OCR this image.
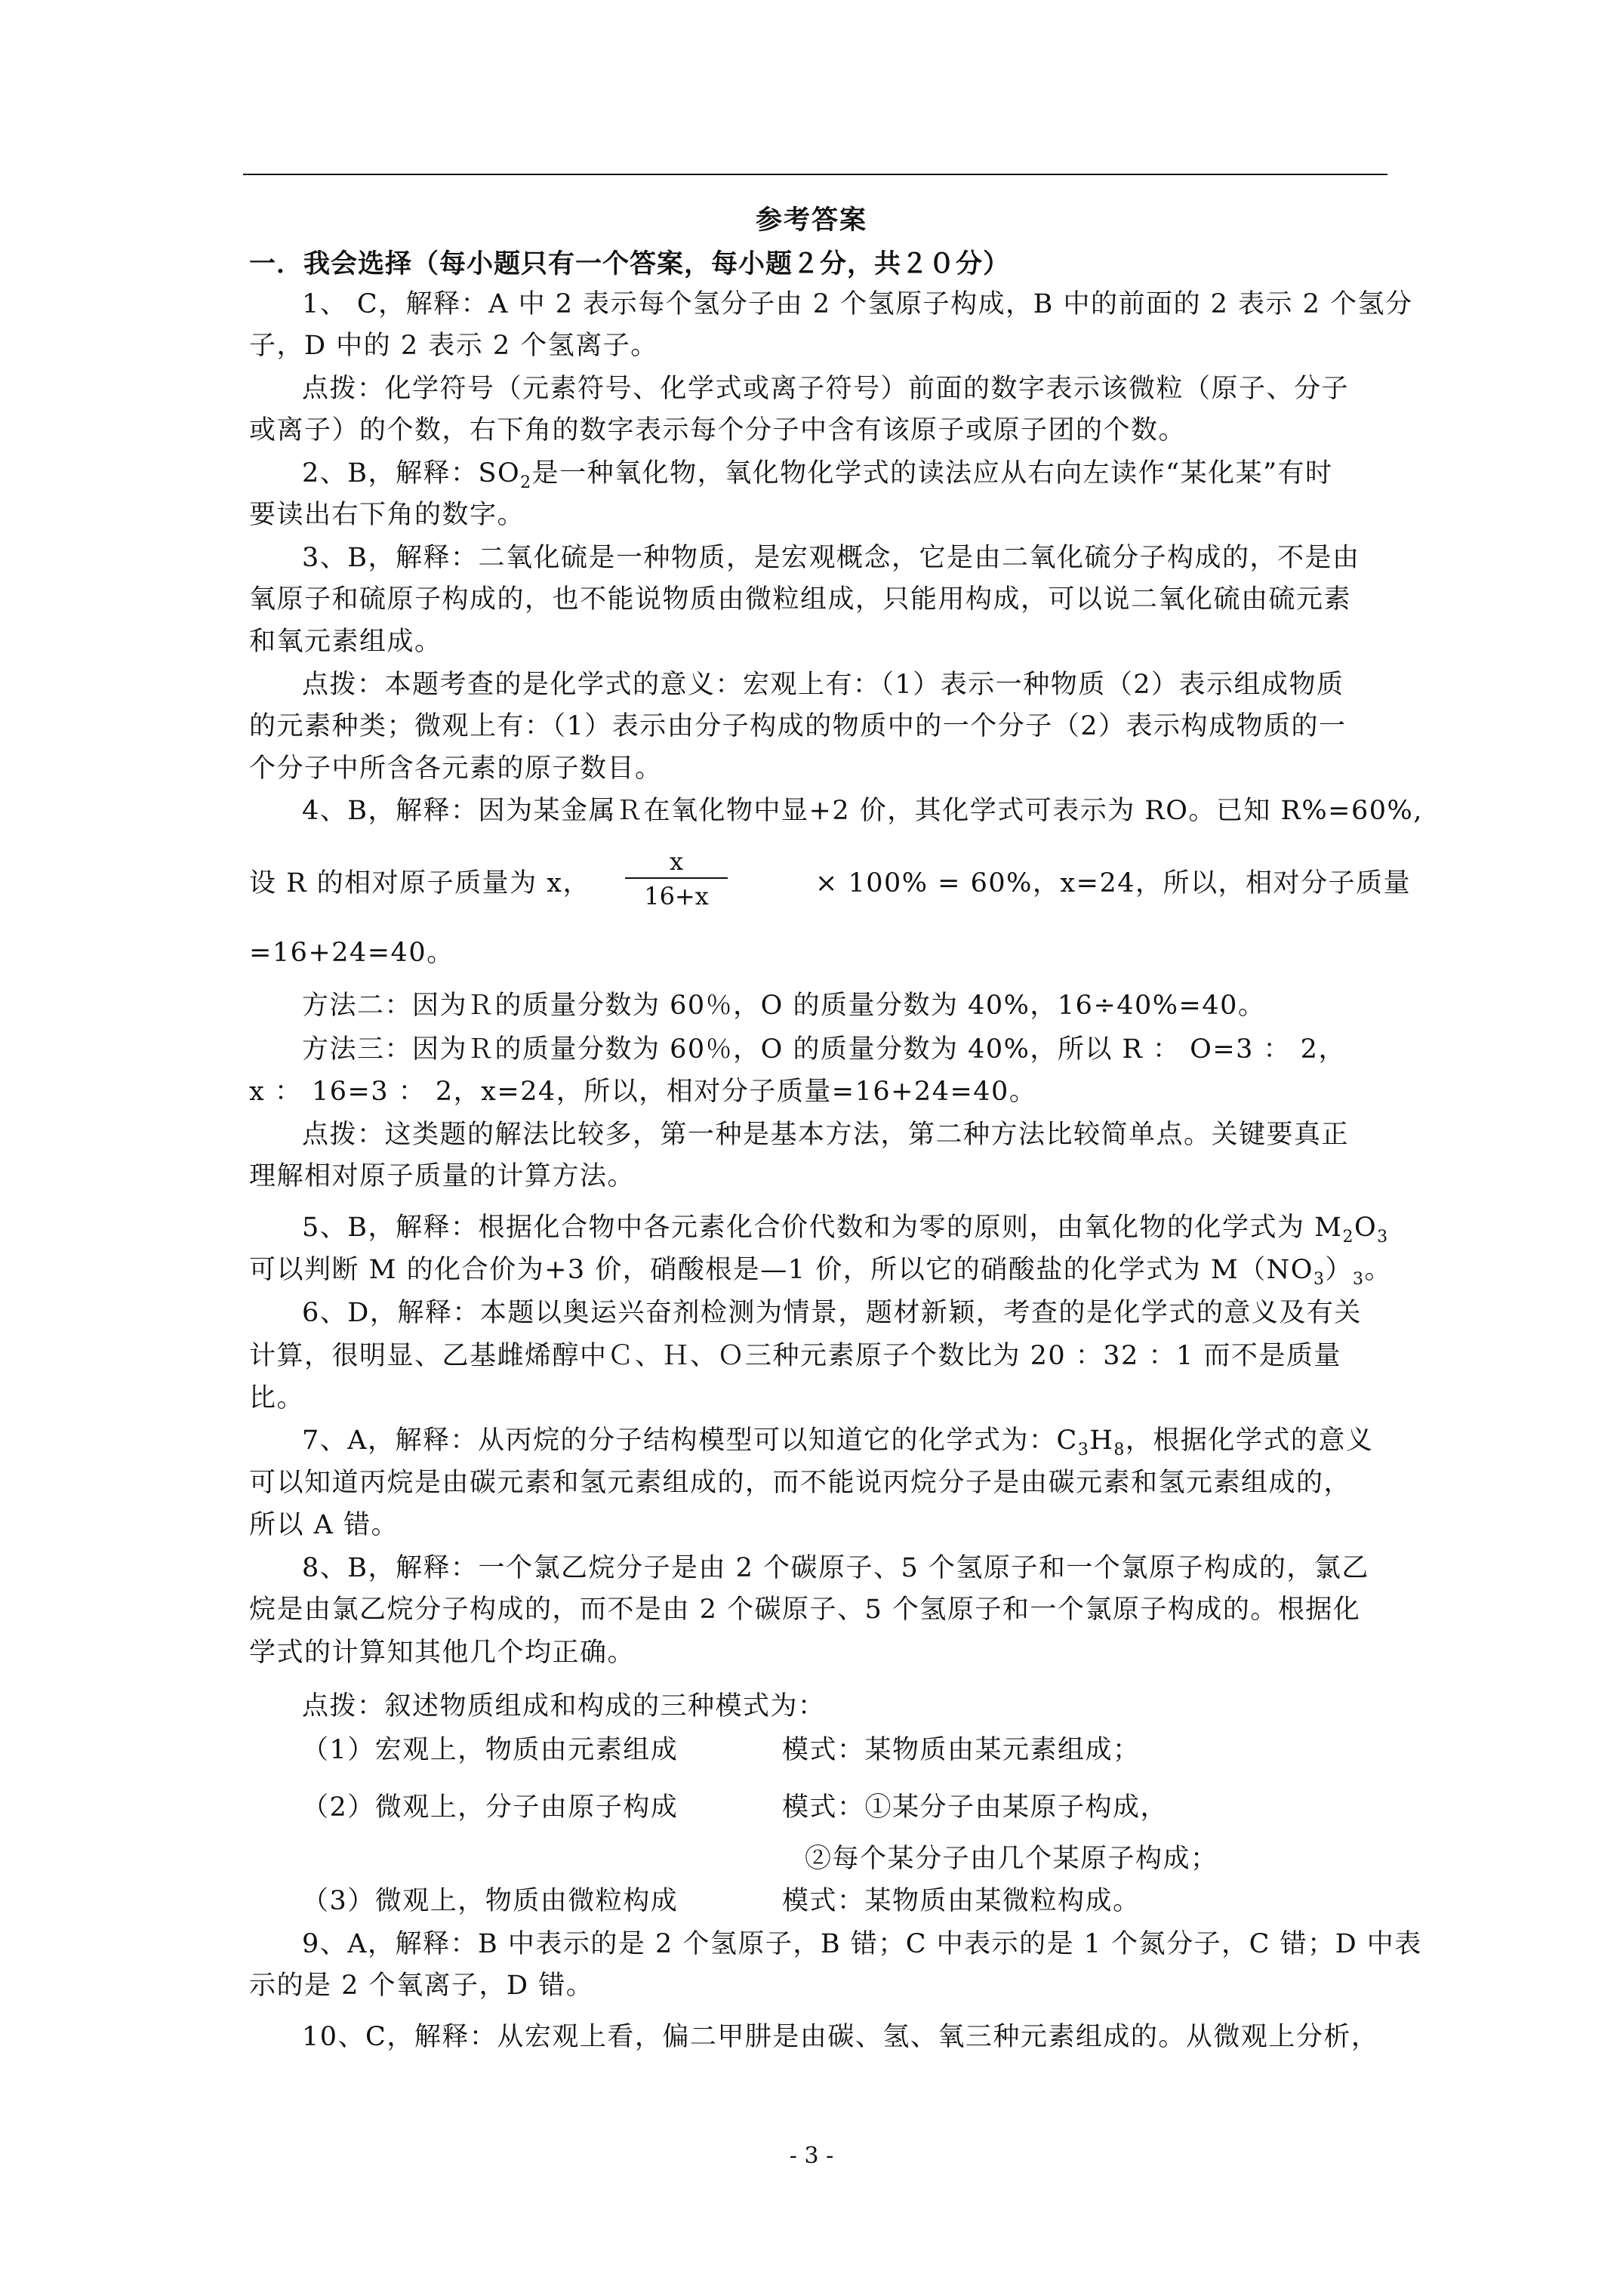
参考答案
一．我会选择（每小题只有一个答案，每小题２分，共２０分）
1、 C，解释：A 中 2 表示每个氢分子由 2 个氢原子构成，B 中的前面的 2 表示 2 个氢分
子，D 中的 2 表示 2 个氢离子。
点拨：化学符号（元素符号、化学式或离子符号）前面的数字表示该微粒（原子、分子
或离子）的个数，右下角的数字表示每个分子中含有该原子或原子团的个数。
2、B，解释：$SO_2$是一种氧化物，氧化物化学式的读法应从右向左读作“某化某”有时
要读出右下角的数字。
3、B，解释：二氧化硫是一种物质，是宏观概念，它是由二氧化硫分子构成的，不是由
氧原子和硫原子构成的，也不能说物质由微粒组成，只能用构成，可以说二氧化硫由硫元素
和氧元素组成。
点拨：本题考查的是化学式的意义：宏观上有：（1）表示一种物质（2）表示组成物质
的元素种类；微观上有：（1）表示由分子构成的物质中的一个分子（2）表示构成物质的一
个分子中所含各元素的原子数目。
4、B，解释：因为某金属Ｒ在氧化物中显+2 价，其化学式可表示为 RO。已知 R%=60%,
设 R 的相对原子质量为 x， $\frac{x}{16+x}$	× 100% = 60%，x=24，所以，相对分子质量
=16+24=40。
方法二：因为Ｒ的质量分数为 60％，O 的质量分数为 40%，16÷40%=40。
方法三：因为Ｒ的质量分数为 60％，O 的质量分数为 40%，所以 R ： O=3 ： 2，
x ： 16=3 ： 2，x=24，所以，相对分子质量=16+24=40。
点拨：这类题的解法比较多，第一种是基本方法，第二种方法比较简单点。关键要真正
理解相对原子质量的计算方法。
5、B，解释：根据化合物中各元素化合价代数和为零的原则，由氧化物的化学式为 $M_2O_3$
可以判断 M 的化合价为+3 价，硝酸根是—1 价，所以它的硝酸盐的化学式为 $M(NO_3)_3$。
6、D，解释：本题以奥运兴奋剂检测为情景，题材新颖，考查的是化学式的意义及有关
计算，很明显、乙基雌烯醇中Ｃ、Ｈ、Ｏ三种元素原子个数比为 20 ：32 ：1 而不是质量
比。
7、A，解释：从丙烷的分子结构模型可以知道它的化学式为：$C_3H_8$，根据化学式的意义
可以知道丙烷是由碳元素和氢元素组成的，而不能说丙烷分子是由碳元素和氢元素组成的，
所以 A 错。
8、B，解释：一个氯乙烷分子是由 2 个碳原子、5 个氢原子和一个氯原子构成的，氯乙
烷是由氯乙烷分子构成的，而不是由 2 个碳原子、5 个氢原子和一个氯原子构成的。根据化
学式的计算知其他几个均正确。
点拨：叙述物质组成和构成的三种模式为：
（1）宏观上，物质由元素组成	模式：某物质由某元素组成；
（2）微观上，分子由原子构成	模式：①某分子由某原子构成，
②每个某分子由几个某原子构成；
（3）微观上，物质由微粒构成	模式：某物质由某微粒构成。
9、A，解释：B 中表示的是 2 个氢原子，B 错；C 中表示的是 1 个氮分子，C 错；D 中表
示的是 2 个氧离子，D 错。
10、C，解释：从宏观上看，偏二甲肼是由碳、氢、氧三种元素组成的。从微观上分析，
- 3 -
